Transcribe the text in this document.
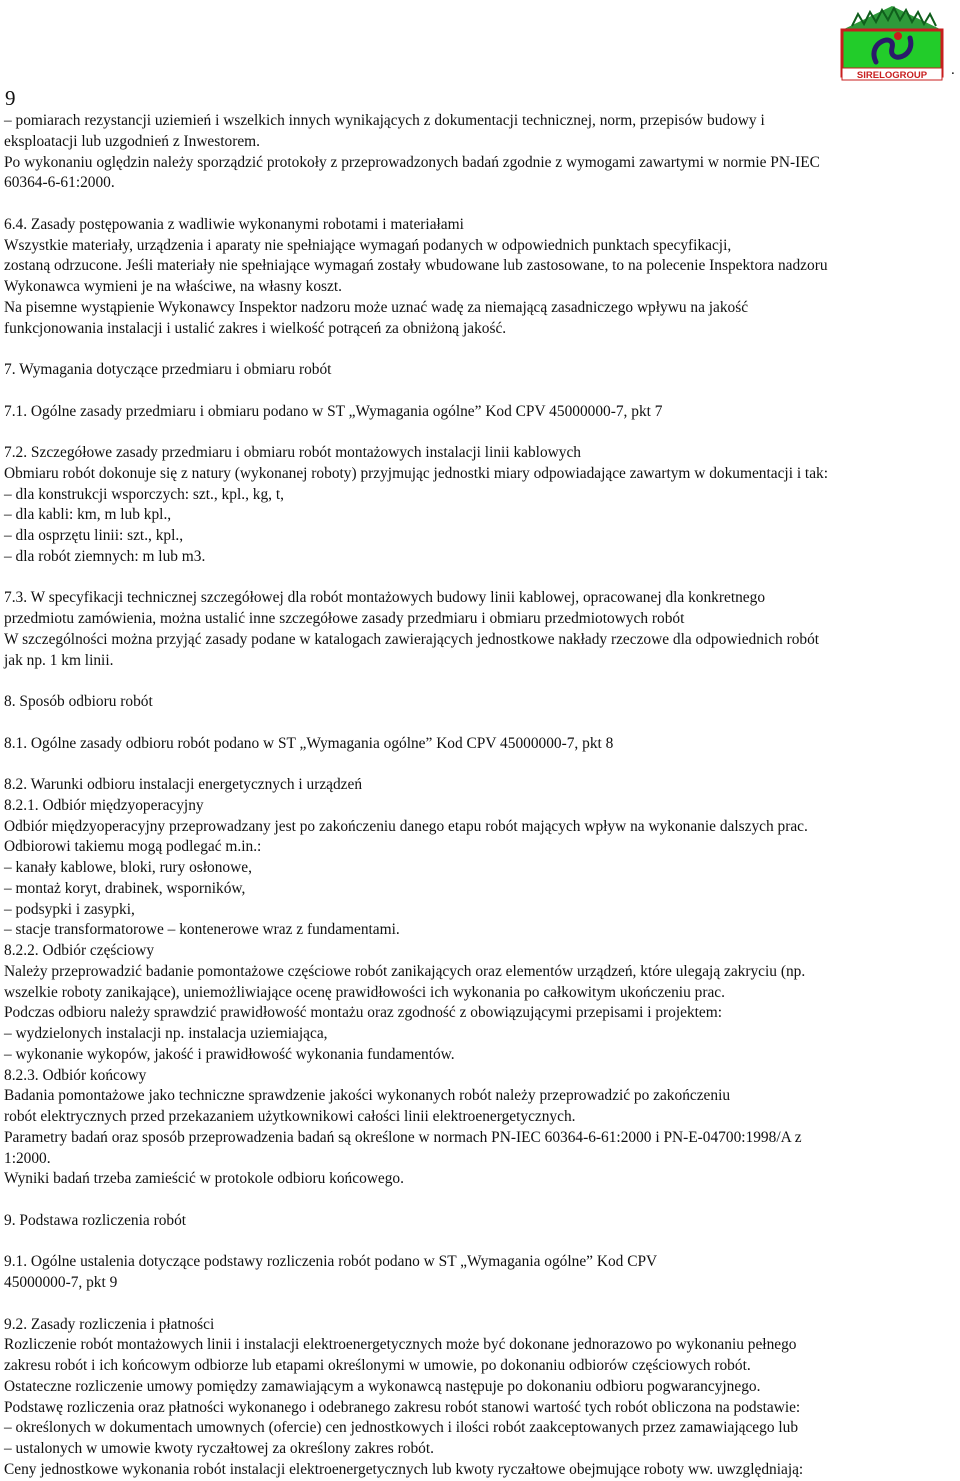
SIRELOGROUP .
9
– pomiarach rezystancji uziemień i wszelkich innych wynikających z dokumentacji technicznej, norm, przepisów budowy i
eksploatacji lub uzgodnień z Inwestorem.
Po wykonaniu oględzin należy sporządzić protokoły z przeprowadzonych badań zgodnie z wymogami zawartymi w normie PN-IEC
60364-6-61:2000.
6.4. Zasady postępowania z wadliwie wykonanymi robotami i materiałami
Wszystkie materiały, urządzenia i aparaty nie spełniające wymagań podanych w odpowiednich punktach specyfikacji,
zostaną odrzucone. Jeśli materiały nie spełniające wymagań zostały wbudowane lub zastosowane, to na polecenie Inspektora nadzoru
Wykonawca wymieni je na właściwe, na własny koszt.
Na pisemne wystąpienie Wykonawcy Inspektor nadzoru może uznać wadę za niemającą zasadniczego wpływu na jakość
funkcjonowania instalacji i ustalić zakres i wielkość potrąceń za obniżoną jakość.
7. Wymagania dotyczące przedmiaru i obmiaru robót
7.1. Ogólne zasady przedmiaru i obmiaru podano w ST „Wymagania ogólne” Kod CPV 45000000-7, pkt 7
7.2. Szczegółowe zasady przedmiaru i obmiaru robót montażowych instalacji linii kablowych
Obmiaru robót dokonuje się z natury (wykonanej roboty) przyjmując jednostki miary odpowiadające zawartym w dokumentacji i tak:
– dla konstrukcji wsporczych: szt., kpl., kg, t,
– dla kabli: km, m lub kpl.,
– dla osprzętu linii: szt., kpl.,
– dla robót ziemnych: m lub m3.
7.3. W specyfikacji technicznej szczegółowej dla robót montażowych budowy linii kablowej, opracowanej dla konkretnego
przedmiotu zamówienia, można ustalić inne szczegółowe zasady przedmiaru i obmiaru przedmiotowych robót
W szczególności można przyjąć zasady podane w katalogach zawierających jednostkowe nakłady rzeczowe dla odpowiednich robót
jak np. 1 km linii.
8. Sposób odbioru robót
8.1. Ogólne zasady odbioru robót podano w ST „Wymagania ogólne” Kod CPV 45000000-7, pkt 8
8.2. Warunki odbioru instalacji energetycznych i urządzeń
8.2.1. Odbiór międzyoperacyjny
Odbiór międzyoperacyjny przeprowadzany jest po zakończeniu danego etapu robót mających wpływ na wykonanie dalszych prac.
Odbiorowi takiemu mogą podlegać m.in.:
– kanały kablowe, bloki, rury osłonowe,
– montaż koryt, drabinek, wsporników,
– podsypki i zasypki,
– stacje transformatorowe – kontenerowe wraz z fundamentami.
8.2.2. Odbiór częściowy
Należy przeprowadzić badanie pomontażowe częściowe robót zanikających oraz elementów urządzeń, które ulegają zakryciu (np.
wszelkie roboty zanikające), uniemożliwiające ocenę prawidłowości ich wykonania po całkowitym ukończeniu prac.
Podczas odbioru należy sprawdzić prawidłowość montażu oraz zgodność z obowiązującymi przepisami i projektem:
– wydzielonych instalacji np. instalacja uziemiająca,
– wykonanie wykopów, jakość i prawidłowość wykonania fundamentów.
8.2.3. Odbiór końcowy
Badania pomontażowe jako techniczne sprawdzenie jakości wykonanych robót należy przeprowadzić po zakończeniu
robót elektrycznych przed przekazaniem użytkownikowi całości linii elektroenergetycznych.
Parametry badań oraz sposób przeprowadzenia badań są określone w normach PN-IEC 60364-6-61:2000 i PN-E-04700:1998/A z
1:2000.
Wyniki badań trzeba zamieścić w protokole odbioru końcowego.
9. Podstawa rozliczenia robót
9.1. Ogólne ustalenia dotyczące podstawy rozliczenia robót podano w ST „Wymagania ogólne” Kod CPV
45000000-7, pkt 9
9.2. Zasady rozliczenia i płatności
Rozliczenie robót montażowych linii i instalacji elektroenergetycznych może być dokonane jednorazowo po wykonaniu pełnego
zakresu robót i ich końcowym odbiorze lub etapami określonymi w umowie, po dokonaniu odbiorów częściowych robót.
Ostateczne rozliczenie umowy pomiędzy zamawiającym a wykonawcą następuje po dokonaniu odbioru pogwarancyjnego.
Podstawę rozliczenia oraz płatności wykonanego i odebranego zakresu robót stanowi wartość tych robót obliczona na podstawie:
– określonych w dokumentach umownych (ofercie) cen jednostkowych i ilości robót zaakceptowanych przez zamawiającego lub
– ustalonych w umowie kwoty ryczałtowej za określony zakres robót.
Ceny jednostkowe wykonania robót instalacji elektroenergetycznych lub kwoty ryczałtowe obejmujące roboty ww. uwzględniają:
